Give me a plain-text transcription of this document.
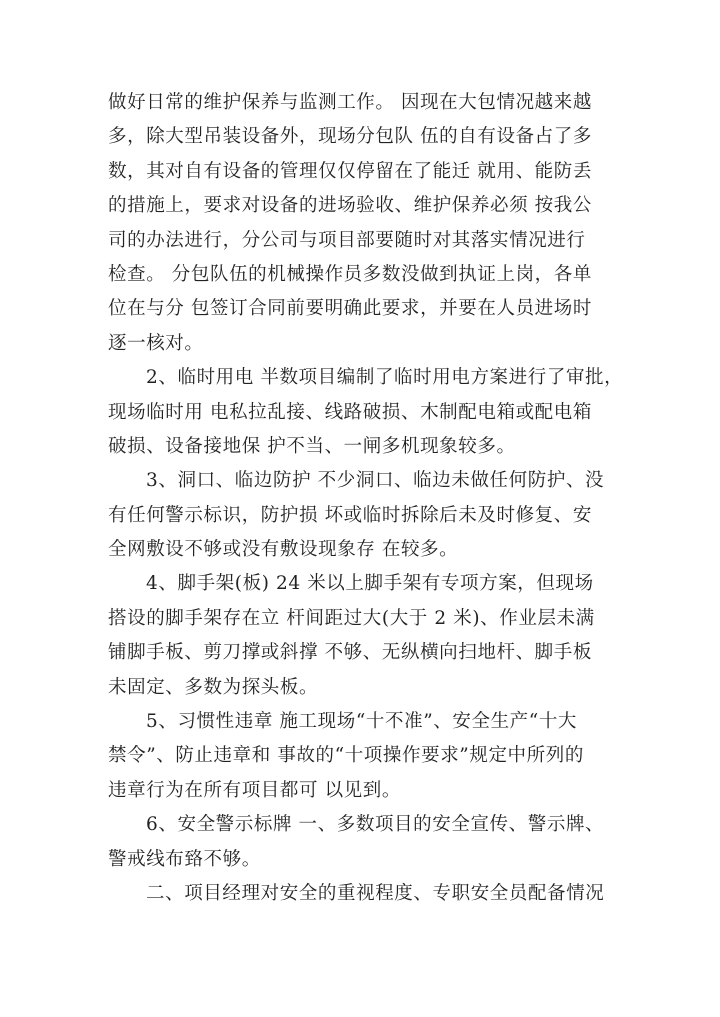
做好日常的维护保养与监测工作。 因现在大包情况越来越
多，除大型吊装设备外，现场分包队 伍的自有设备占了多
数，其对自有设备的管理仅仅停留在了能迁 就用、能防丢
的措施上，要求对设备的进场验收、维护保养必须 按我公
司的办法进行，分公司与项目部要随时对其落实情况进行
检查。 分包队伍的机械操作员多数没做到执证上岗，各单
位在与分 包签订合同前要明确此要求，并要在人员进场时
逐一核对。
2、临时用电 半数项目编制了临时用电方案进行了审批，
现场临时用 电私拉乱接、线路破损、木制配电箱或配电箱
破损、设备接地保 护不当、一闸多机现象较多。
3、洞口、临边防护 不少洞口、临边未做任何防护、没
有任何警示标识，防护损 坏或临时拆除后未及时修复、安
全网敷设不够或没有敷设现象存 在较多。
4、脚手架(板) 24 米以上脚手架有专项方案，但现场
搭设的脚手架存在立 杆间距过大(大于 2 米)、作业层未满
铺脚手板、剪刀撑或斜撑 不够、无纵横向扫地杆、脚手板
未固定、多数为探头板。
5、习惯性违章 施工现场“十不准”、安全生产“十大
禁令”、防止违章和 事故的“十项操作要求”规定中所列的
违章行为在所有项目都可 以见到。
6、安全警示标牌 一、多数项目的安全宣传、警示牌、
警戒线布臵不够。
二、项目经理对安全的重视程度、专职安全员配备情况
